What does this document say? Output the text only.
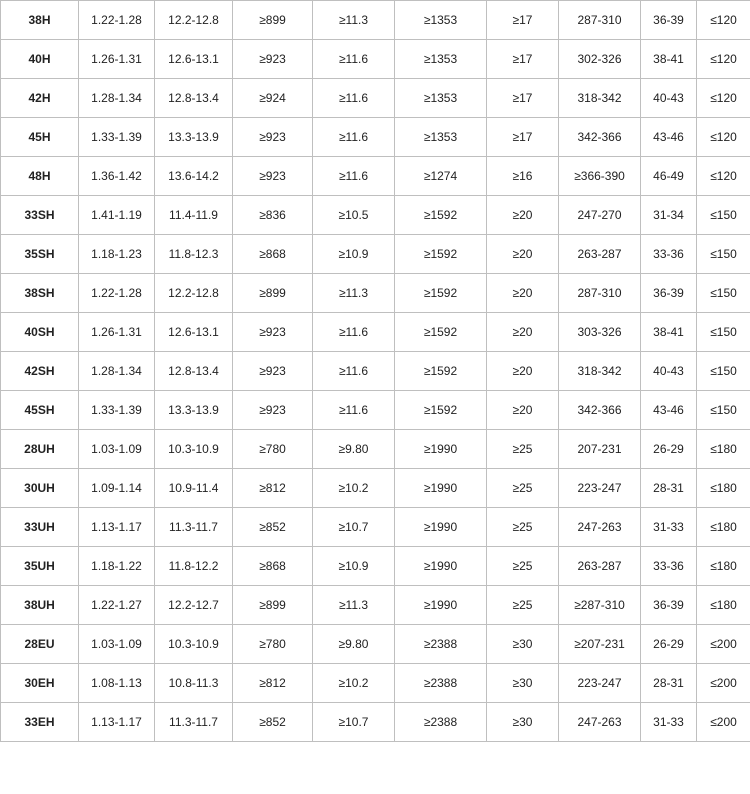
38H	1.22-1.28	12.2-12.8	≥899	≥11.3	≥1353	≥17	287-310	36-39	≤120
40H	1.26-1.31	12.6-13.1	≥923	≥11.6	≥1353	≥17	302-326	38-41	≤120
42H	1.28-1.34	12.8-13.4	≥924	≥11.6	≥1353	≥17	318-342	40-43	≤120
45H	1.33-1.39	13.3-13.9	≥923	≥11.6	≥1353	≥17	342-366	43-46	≤120
48H	1.36-1.42	13.6-14.2	≥923	≥11.6	≥1274	≥16	≥366-390	46-49	≤120
33SH	1.41-1.19	11.4-11.9	≥836	≥10.5	≥1592	≥20	247-270	31-34	≤150
35SH	1.18-1.23	11.8-12.3	≥868	≥10.9	≥1592	≥20	263-287	33-36	≤150
38SH	1.22-1.28	12.2-12.8	≥899	≥11.3	≥1592	≥20	287-310	36-39	≤150
40SH	1.26-1.31	12.6-13.1	≥923	≥11.6	≥1592	≥20	303-326	38-41	≤150
42SH	1.28-1.34	12.8-13.4	≥923	≥11.6	≥1592	≥20	318-342	40-43	≤150
45SH	1.33-1.39	13.3-13.9	≥923	≥11.6	≥1592	≥20	342-366	43-46	≤150
28UH	1.03-1.09	10.3-10.9	≥780	≥9.80	≥1990	≥25	207-231	26-29	≤180
30UH	1.09-1.14	10.9-11.4	≥812	≥10.2	≥1990	≥25	223-247	28-31	≤180
33UH	1.13-1.17	11.3-11.7	≥852	≥10.7	≥1990	≥25	247-263	31-33	≤180
35UH	1.18-1.22	11.8-12.2	≥868	≥10.9	≥1990	≥25	263-287	33-36	≤180
38UH	1.22-1.27	12.2-12.7	≥899	≥11.3	≥1990	≥25	≥287-310	36-39	≤180
28EU	1.03-1.09	10.3-10.9	≥780	≥9.80	≥2388	≥30	≥207-231	26-29	≤200
30EH	1.08-1.13	10.8-11.3	≥812	≥10.2	≥2388	≥30	223-247	28-31	≤200
33EH	1.13-1.17	11.3-11.7	≥852	≥10.7	≥2388	≥30	247-263	31-33	≤200
